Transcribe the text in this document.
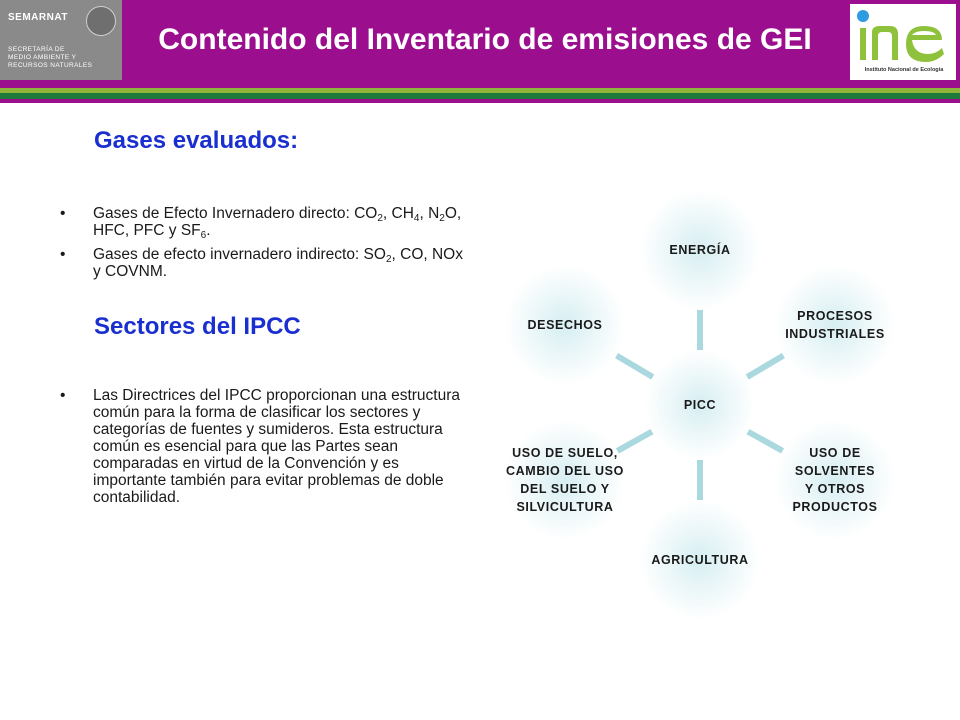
SEMARNAT
SECRETARÍA DE
MEDIO AMBIENTE Y
RECURSOS NATURALES
Contenido del Inventario de emisiones de GEI
Instituto Nacional de Ecología
Gases evaluados:
• Gases de Efecto Invernadero directo: $CO_2$, $CH_4$, $N_2O$, HFC, PFC y $SF_6$.
• Gases de efecto invernadero indirecto: $SO_2$, CO, NOx y COVNM.
Sectores del IPCC
• Las Directrices del IPCC proporcionan una estructura común para la forma de clasificar los sectores y categorías de fuentes y sumideros. Esta estructura común es esencial para que las Partes sean comparadas en virtud de la Convención y es importante también para evitar problemas de doble contabilidad.
ENERGÍA
PROCESOS INDUSTRIALES
USO DE SOLVENTES Y OTROS PRODUCTOS
AGRICULTURA
USO DE SUELO, CAMBIO DEL USO DEL SUELO Y SILVICULTURA
DESECHOS
PICC
